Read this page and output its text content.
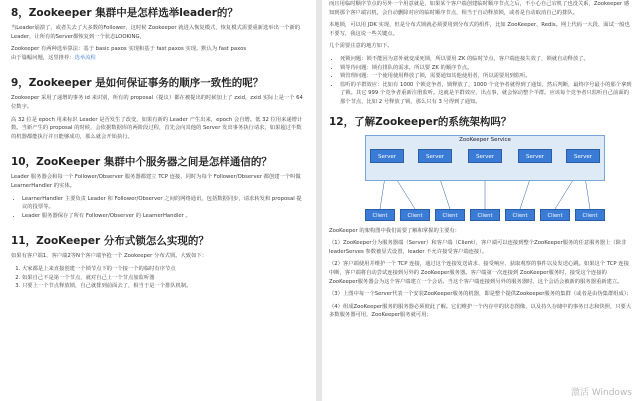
8，Zookeeper 集群中是怎样选举leader的？

当Leader崩溃了，或者失去了大多数的Follower，这时候 Zookeeper 就进入恢复模式，恢复模式需要重新选举出一个新的Leader，让所有的Server都恢复到一个状态LOOKING，

Zookeeper 有两种选举算法：基于 basic paxos 实现和基于 fast paxos 实现。默认为 fast paxos

由于篇幅问题，这里推荐：选举流程

9，Zookeeper 是如何保证事务的顺序一致性的呢？

Zookeeper 采用了递增的事务 id 来识别，所有的 proposal（提议）都在被提出的时候加上了 zxid，zxid 实际上是一个 64 位数字。

高 32 位是 epoch 用来标识 Leader 是否发生了改变，如果有新的 Leader 产生出来，epoch 会自增。低 32 位用来递增计数。当新产生的 proposal 的时候，会依据数据库的两阶段过程，首先会向其他的 Server 发出事务执行请求，如果超过半数的机器都能执行并且能够成功，那么就会开始执行。

10，ZooKeeper 集群中个服务器之间是怎样通信的？

Leader 服务器会和每一个 Follower/Observer 服务器都建立 TCP 连接，同时为每个 Follower/Observer 都创建一个叫做 LearnerHandler 的实体。

• LearnerHandler 主要负责 Leader 和 Follower/Observer 之间的网络通讯，包括数据同步，请求转发和 proposal 提议的投票等。
• Leader 服务器保存了所有 Follower/Observer 的 LearnerHandler 。
11，ZooKeeper 分布式锁怎么实现的？

如果有客户端1、客户端2等N个客户端争抢一个 Zookeeper 分布式锁。大致如下：

1. 大家都是上来直接创建一个锁节点下的一个接一个的临时有序节点
2. 如果自己不是第一个节点，就对自己上一个节点加监听器
3. 只要上一个节点释放锁，自己就排到前面去了，相当于是一个排队机制。

而且用临时顺序节点的另外一个用意就是，如果某个客户端创建临时顺序节点之后，不小心自己宕机了也没关系，Zookeeper 感知到那个客户端宕机，会自动删除对应的临时顺序节点，相当于自动释放锁，或者是自动取消自己的排队。

本地锁，可以用 JDK 实现，但是分布式锁就必须要用到分布式的组件，比如 ZooKeeper、Redis。网上代码一大段，面试一般也不要写，我这说一些关键点。

几个需要注意的地方如下。

• 死锁问题：锁不能因为意外就变成死锁，所以要用 ZK 的临时节点，客户端连接失效了，锁就自动释放了。
• 锁等待问题：锁有排队的需求，所以要 ZK 的顺序节点。
• 锁管理问题：一个使用使用释放了锁，需要通知其他使用者，所以需要用到监听。
• 监听的羊群效应：比如有 1000 个锁竞争者，锁释放了，1000 个竞争者就得到了通知，然后判断，最终序号最小的那个拿到了锁。其它 999 个竞争者重新注册监听。这就是羊群效应，出点事，就会惊动整个羊群。应该每个竞争者只监听自己前面的那个节点，比如 2 号释放了锁，那么只有 3 号得到了通知。
12，了解Zookeeper的系统架构吗？
ZooKeeper Service
Server	Server	Server	Server	Server
Client	Client	Client	Client	Client	Client	Client

ZooKeeper 的架构图中我们需要了解和掌握的主要有：

（1）ZooKeeper分为服务器端（Server）和客户端（Client），客户端可以连接到整个ZooKeeper服务的任意服务器上（除非 leaderServes 参数被显式设置，leader 不允许接受客户端连接）。

（2）客户端使用并维护一个 TCP 连接，通过这个连接发送请求、接受响应、获取观察的事件以及发送心跳。如果这个 TCP 连接中断，客户端将自动尝试连接到另外的 ZooKeeper服务器。客户端第一次连接到 ZooKeeper服务时，接受这个连接的 ZooKeeper服务器会为这个客户端建立一个会话。当这个客户端连接到另外的服务器时，这个会话会被新的服务器重新建立。

（3）上图中每一个Server代表一个安装ZooKeeper服务的机器，即是整个提供Zookeeper服务的集群（或者是由伪集群组成）；

（4）组成ZooKeeper服务的服务器必须彼此了解。它们维护一个内存中的状态图像，以及持久存储中的事务日志和快照，只要大多数服务器可用，ZooKeeper服务就可用；

激活 Windows
